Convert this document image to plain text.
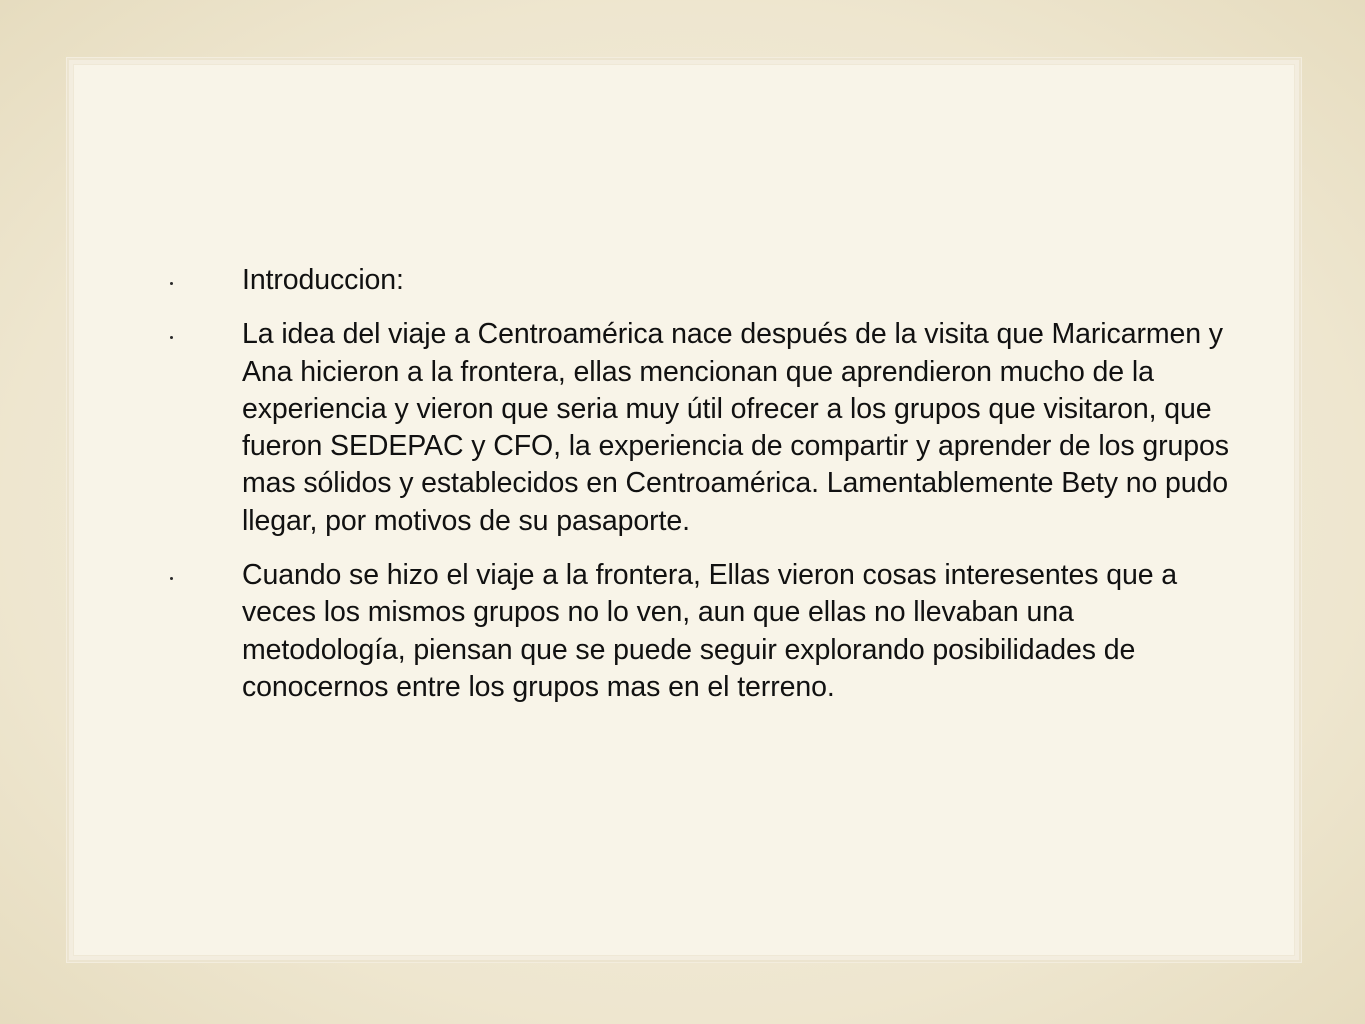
Introduccion:
La idea del viaje a Centroamérica nace después de la visita que Maricarmen y Ana hicieron a la frontera, ellas mencionan que aprendieron mucho de la experiencia y vieron que seria muy útil ofrecer a los grupos que visitaron, que fueron SEDEPAC y CFO, la experiencia de compartir y aprender de los grupos mas sólidos y establecidos en Centroamérica. Lamentablemente Bety no pudo llegar, por motivos de su pasaporte.
Cuando se hizo el viaje a la frontera, Ellas vieron cosas interesentes que a veces los mismos grupos no lo ven, aun que ellas no llevaban una metodología, piensan que se puede seguir explorando posibilidades de conocernos entre los grupos mas en el terreno.
